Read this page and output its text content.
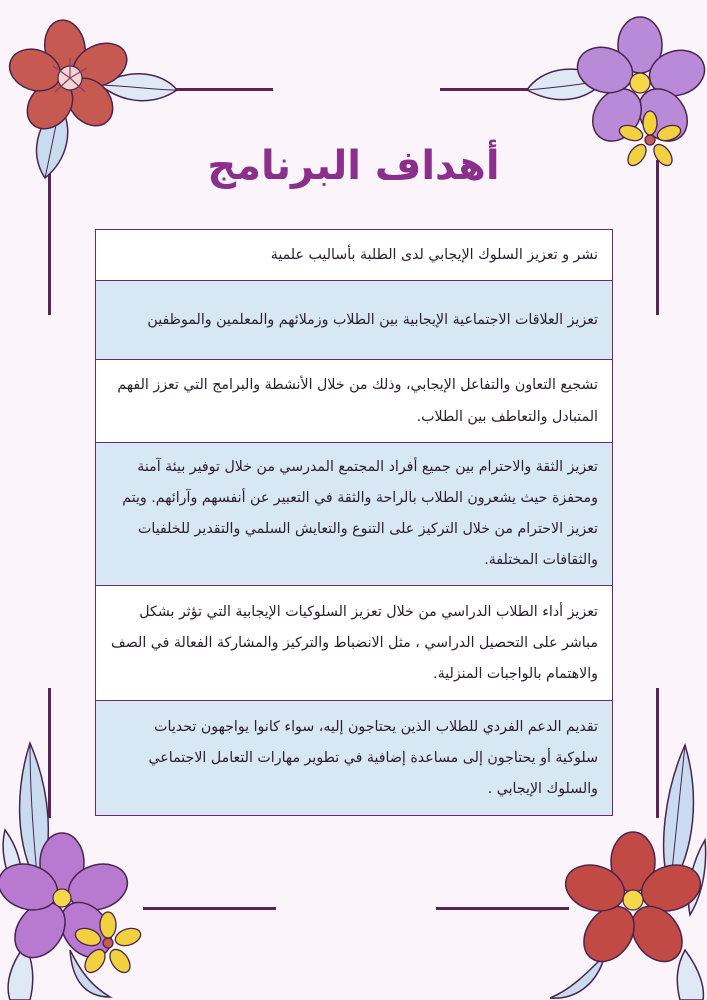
أهداف البرنامج
نشر و تعزيز السلوك الإيجابي لدى الطلبة بأساليب علمية
تعزيز العلاقات الاجتماعية الإيجابية بين الطلاب وزملائهم والمعلمين والموظفين
تشجيع التعاون والتفاعل الإيجابي، وذلك من خلال الأنشطة والبرامج التي تعزز الفهم المتبادل والتعاطف بين الطلاب.
تعزيز الثقة والاحترام بين جميع أفراد المجتمع المدرسي من خلال توفير بيئة آمنة ومحفزة حيث يشعرون الطلاب بالراحة والثقة في التعبير عن أنفسهم وآرائهم. ويتم تعزيز الاحترام من خلال التركيز على التنوع والتعايش السلمي والتقدير للخلفيات والثقافات المختلفة.
تعزيز أداء الطلاب الدراسي من خلال تعزيز السلوكيات الإيجابية التي تؤثر بشكل مباشر على التحصيل الدراسي ، مثل الانضباط والتركيز والمشاركة الفعالة في الصف والاهتمام بالواجبات المنزلية.
تقديم الدعم الفردي للطلاب الذين يحتاجون إليه، سواء كانوا يواجهون تحديات سلوكية أو يحتاجون إلى مساعدة إضافية في تطوير مهارات التعامل الاجتماعي والسلوك الإيجابي .
